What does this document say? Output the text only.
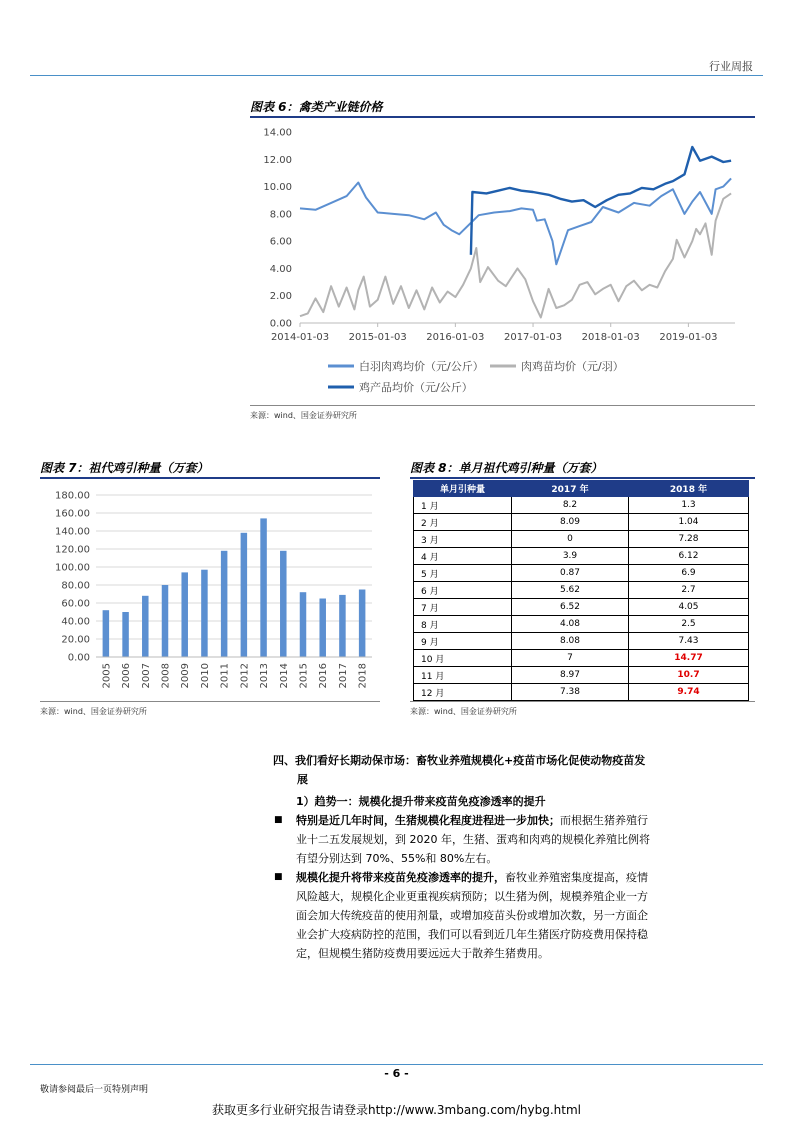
行业周报
图表 6：禽类产业链价格
14.00
12.00
10.00
8.00
6.00
4.00
2.00
0.00
2014-01-03 2015-01-03 2016-01-03 2017-01-03 2018-01-03 2019-01-03
白羽肉鸡均价（元/公斤）	肉鸡苗均价（元/羽）
鸡产品均价（元/公斤）
来源：wind、国金证券研究所
图表 7：祖代鸡引种量（万套）
180.00
160.00
140.00
120.00
100.00
80.00
60.00
40.00
20.00
0.00
2005 2006 2007 2008 2009 2010 2011 2012 2013 2014 2015 2016 2017 2018
来源：wind、国金证券研究所
图表 8：单月祖代鸡引种量（万套）
单月引种量	2017 年	2018 年
1 月	8.2	1.3
2 月	8.09	1.04
3 月	0	7.28
4 月	3.9	6.12
5 月	0.87	6.9
6 月	5.62	2.7
7 月	6.52	4.05
8 月	4.08	2.5
9 月	8.08	7.43
10 月	7	14.77
11 月	8.97	10.7
12 月	7.38	9.74
来源：wind、国金证券研究所
四、我们看好长期动保市场：畜牧业养殖规模化+疫苗市场化促使动物疫苗发
展
1）趋势一：规模化提升带来疫苗免疫渗透率的提升
■ 特别是近几年时间，生猪规模化程度进程进一步加快；而根据生猪养殖行
业十二五发展规划，到 2020 年，生猪、蛋鸡和肉鸡的规模化养殖比例将
有望分别达到 70%、55%和 80%左右。
■ 规模化提升将带来疫苗免疫渗透率的提升，畜牧业养殖密集度提高，疫情
风险越大，规模化企业更重视疾病预防；以生猪为例，规模养殖企业一方
面会加大传统疫苗的使用剂量，或增加疫苗头份或增加次数，另一方面企
业会扩大疫病防控的范围，我们可以看到近几年生猪医疗防疫费用保持稳
定，但规模生猪防疫费用要远远大于散养生猪费用。
- 6 -
敬请参阅最后一页特别声明
获取更多行业研究报告请登录http://www.3mbang.com/hybg.html
